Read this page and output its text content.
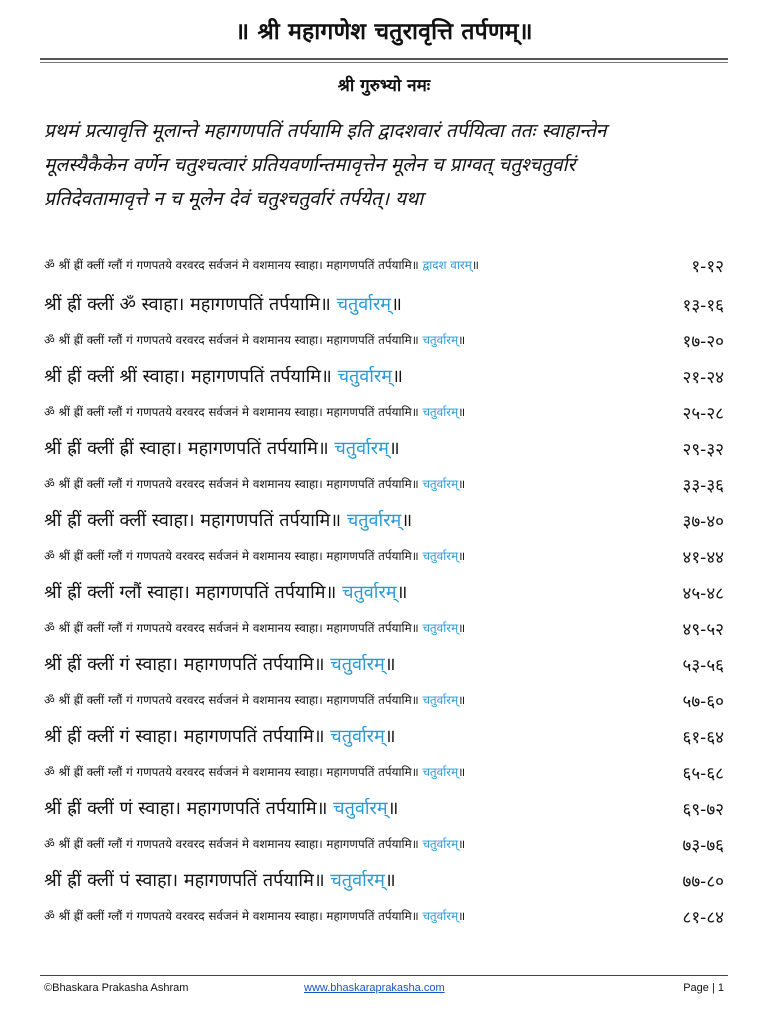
॥ श्री महागणेश चतुरावृत्ति तर्पणम्॥
श्री गुरुभ्यो नमः

प्रथमं प्रत्यावृत्ति मूलान्ते महागणपतिं तर्पयामि इति द्वादशवारं तर्पयित्वा ततः स्वाहान्तेन

मूलस्यैकैकेन वर्णेन चतुश्चत्वारं प्रतियवर्णान्तमावृत्तेन मूलेन च प्राग्वत् चतुश्चतुर्वारं

प्रतिदेवतामावृत्ते न च मूलेन देवं चतुश्चतुर्वारं तर्पयेत्। यथा

ॐ श्रीं ह्रीं क्लीं ग्लौं गं गणपतये वरवरद सर्वजनं मे वशमानय स्वाहा। महागणपतिं तर्पयामि॥ द्वादश वारम्॥	१-१२
श्रीं ह्रीं क्लीं ॐ स्वाहा। महागणपतिं तर्पयामि॥ चतुर्वारम्॥	१३-१६
ॐ श्रीं ह्रीं क्लीं ग्लौं गं गणपतये वरवरद सर्वजनं मे वशमानय स्वाहा। महागणपतिं तर्पयामि॥ चतुर्वारम्॥	१७-२०
श्रीं ह्रीं क्लीं श्रीं स्वाहा। महागणपतिं तर्पयामि॥ चतुर्वारम्॥	२१-२४
ॐ श्रीं ह्रीं क्लीं ग्लौं गं गणपतये वरवरद सर्वजनं मे वशमानय स्वाहा। महागणपतिं तर्पयामि॥ चतुर्वारम्॥	२५-२८
श्रीं ह्रीं क्लीं ह्रीं स्वाहा। महागणपतिं तर्पयामि॥ चतुर्वारम्॥	२९-३२
ॐ श्रीं ह्रीं क्लीं ग्लौं गं गणपतये वरवरद सर्वजनं मे वशमानय स्वाहा। महागणपतिं तर्पयामि॥ चतुर्वारम्॥	३३-३६
श्रीं ह्रीं क्लीं क्लीं स्वाहा। महागणपतिं तर्पयामि॥ चतुर्वारम्॥	३७-४०
ॐ श्रीं ह्रीं क्लीं ग्लौं गं गणपतये वरवरद सर्वजनं मे वशमानय स्वाहा। महागणपतिं तर्पयामि॥ चतुर्वारम्॥	४१-४४
श्रीं ह्रीं क्लीं ग्लौं स्वाहा। महागणपतिं तर्पयामि॥ चतुर्वारम्॥	४५-४८
ॐ श्रीं ह्रीं क्लीं ग्लौं गं गणपतये वरवरद सर्वजनं मे वशमानय स्वाहा। महागणपतिं तर्पयामि॥ चतुर्वारम्॥	४९-५२
श्रीं ह्रीं क्लीं गं स्वाहा। महागणपतिं तर्पयामि॥ चतुर्वारम्॥	५३-५६
ॐ श्रीं ह्रीं क्लीं ग्लौं गं गणपतये वरवरद सर्वजनं मे वशमानय स्वाहा। महागणपतिं तर्पयामि॥ चतुर्वारम्॥	५७-६०
श्रीं ह्रीं क्लीं गं स्वाहा। महागणपतिं तर्पयामि॥ चतुर्वारम्॥	६१-६४
ॐ श्रीं ह्रीं क्लीं ग्लौं गं गणपतये वरवरद सर्वजनं मे वशमानय स्वाहा। महागणपतिं तर्पयामि॥ चतुर्वारम्॥	६५-६८
श्रीं ह्रीं क्लीं णं स्वाहा। महागणपतिं तर्पयामि॥ चतुर्वारम्॥	६९-७२
ॐ श्रीं ह्रीं क्लीं ग्लौं गं गणपतये वरवरद सर्वजनं मे वशमानय स्वाहा। महागणपतिं तर्पयामि॥ चतुर्वारम्॥	७३-७६
श्रीं ह्रीं क्लीं पं स्वाहा। महागणपतिं तर्पयामि॥ चतुर्वारम्॥	७७-८०
ॐ श्रीं ह्रीं क्लीं ग्लौं गं गणपतये वरवरद सर्वजनं मे वशमानय स्वाहा। महागणपतिं तर्पयामि॥ चतुर्वारम्॥	८१-८४
©Bhaskara Prakasha Ashram	www.bhaskaraprakasha.com	Page | 1
